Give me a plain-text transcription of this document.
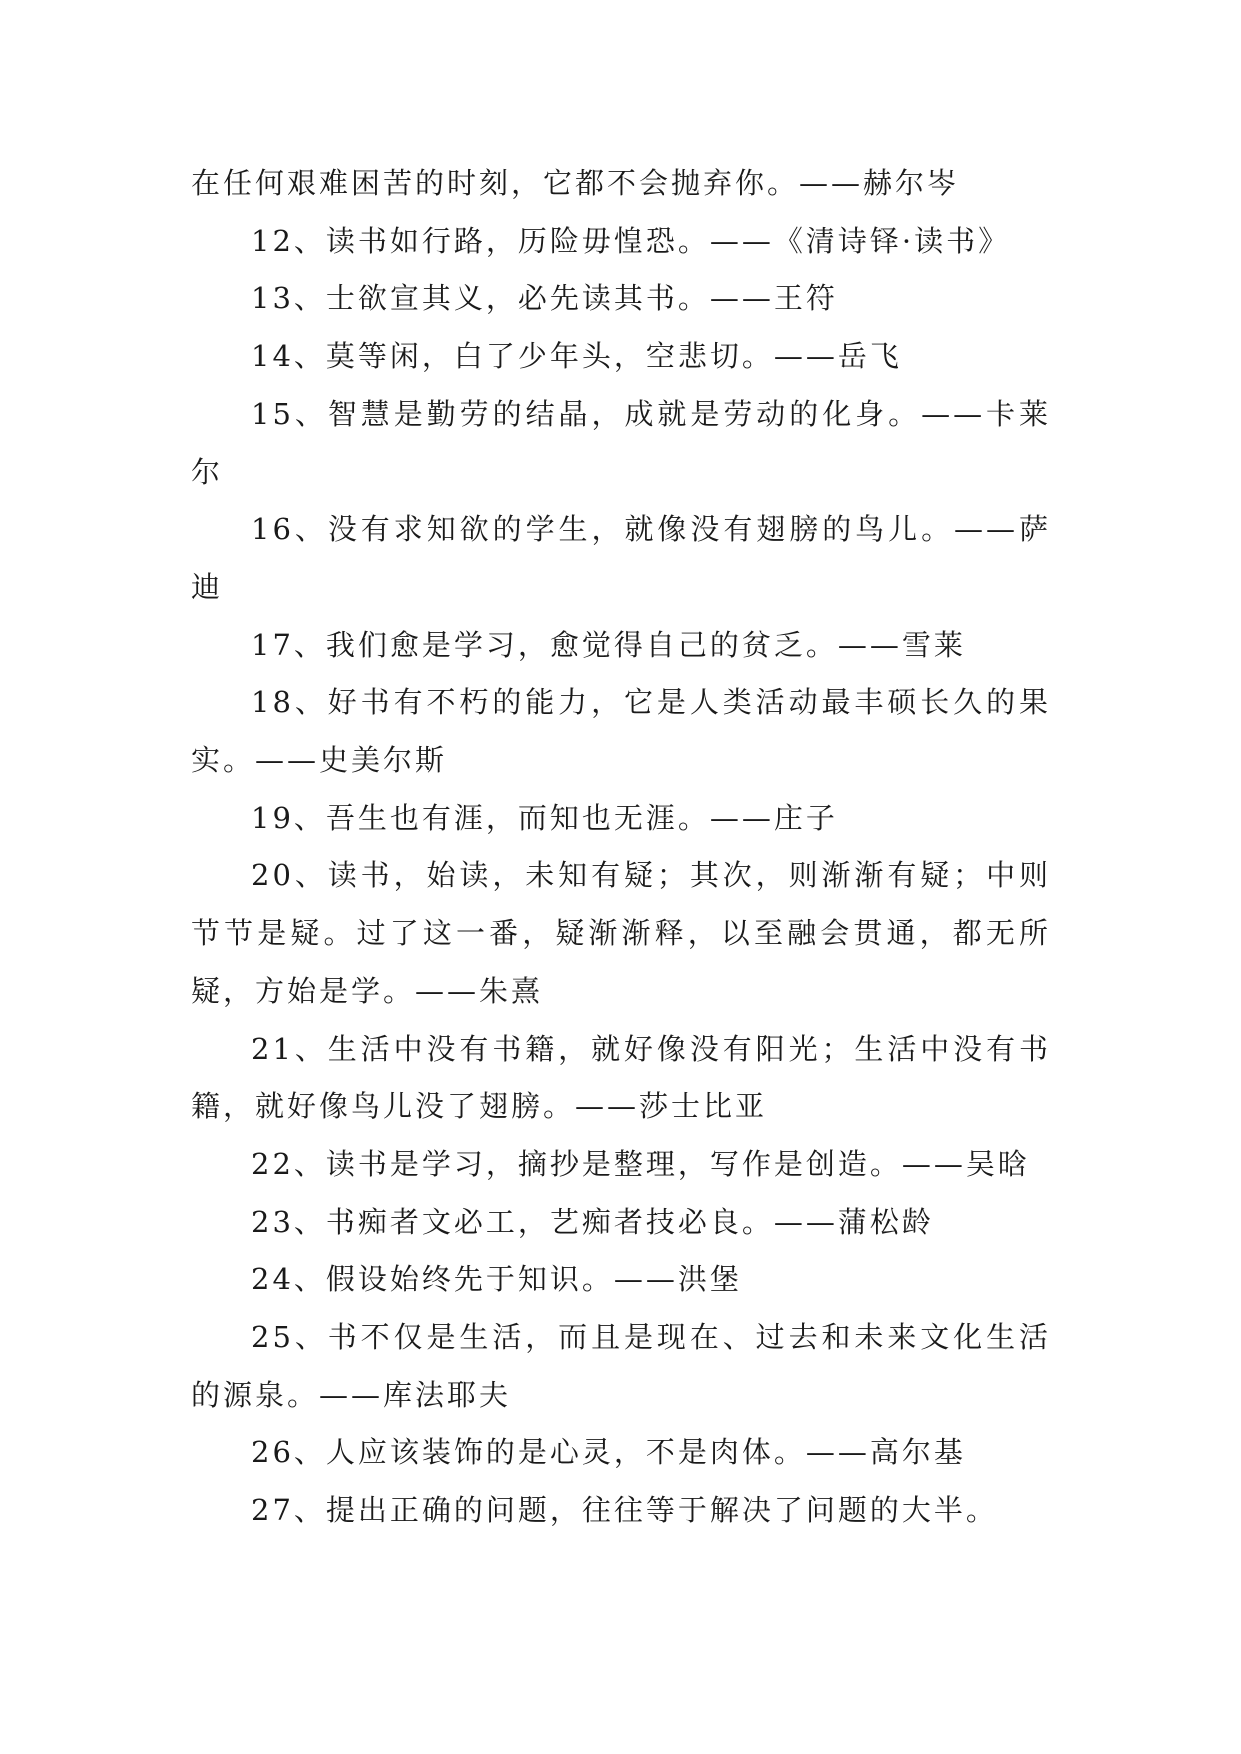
在任何艰难困苦的时刻，它都不会抛弃你。——赫尔岑

12、读书如行路，历险毋惶恐。——《清诗铎·读书》

13、士欲宣其义，必先读其书。——王符

14、莫等闲，白了少年头，空悲切。——岳飞

15、智慧是勤劳的结晶，成就是劳动的化身。——卡莱尔

16、没有求知欲的学生，就像没有翅膀的鸟儿。——萨迪

17、我们愈是学习，愈觉得自己的贫乏。——雪莱

18、好书有不朽的能力，它是人类活动最丰硕长久的果实。——史美尔斯

19、吾生也有涯，而知也无涯。——庄子

20、读书，始读，未知有疑；其次，则渐渐有疑；中则节节是疑。过了这一番，疑渐渐释，以至融会贯通，都无所疑，方始是学。——朱熹

21、生活中没有书籍，就好像没有阳光；生活中没有书籍，就好像鸟儿没了翅膀。——莎士比亚

22、读书是学习，摘抄是整理，写作是创造。——吴晗

23、书痴者文必工，艺痴者技必良。——蒲松龄

24、假设始终先于知识。——洪堡

25、书不仅是生活，而且是现在、过去和未来文化生活的源泉。——库法耶夫

26、人应该装饰的是心灵，不是肉体。——高尔基

27、提出正确的问题，往往等于解决了问题的大半。
